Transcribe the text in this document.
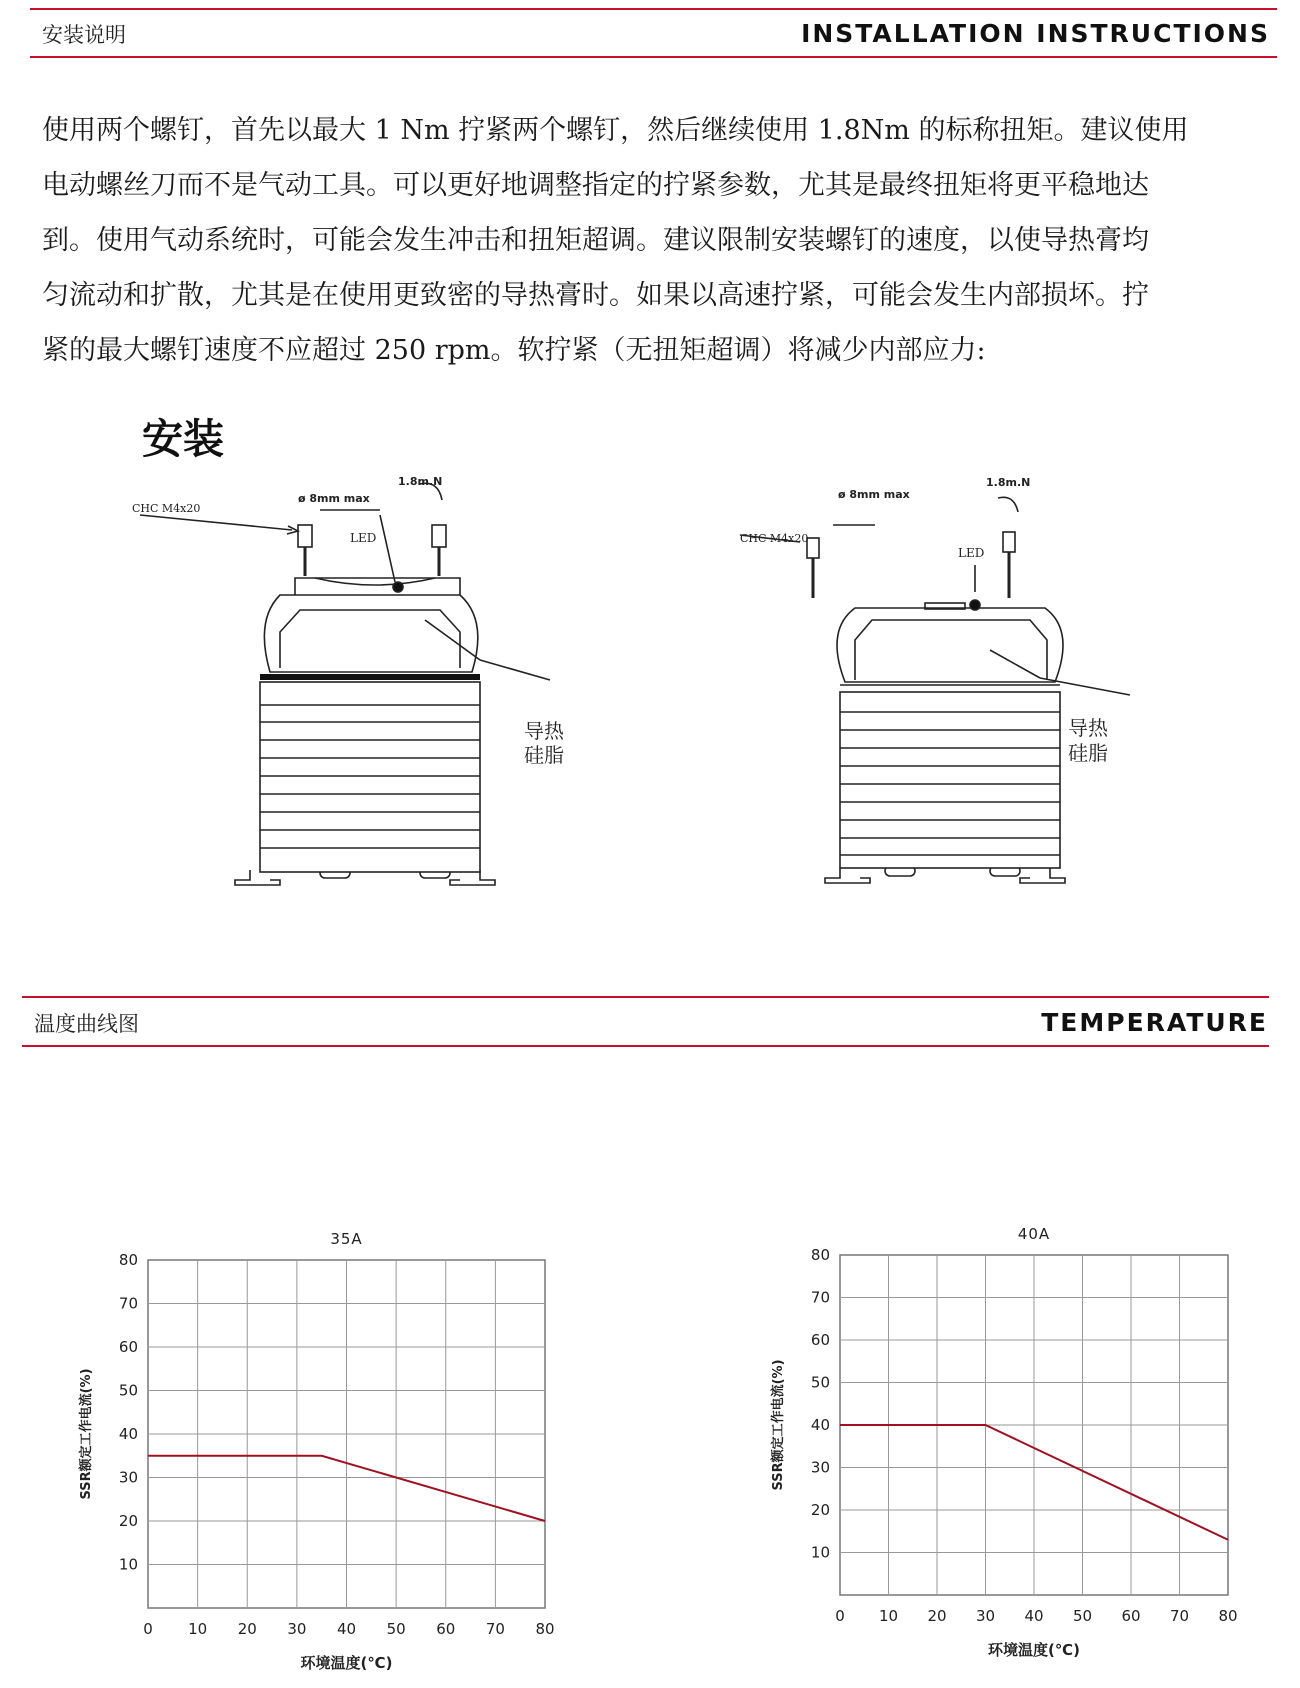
安装说明	INSTALLATION INSTRUCTIONS

使用两个螺钉，首先以最大 1 Nm 拧紧两个螺钉，然后继续使用 1.8Nm 的标称扭矩。建议使用

电动螺丝刀而不是气动工具。可以更好地调整指定的拧紧参数，尤其是最终扭矩将更平稳地达

到。使用气动系统时，可能会发生冲击和扭矩超调。建议限制安装螺钉的速度，以使导热膏均

匀流动和扩散，尤其是在使用更致密的导热膏时。如果以高速拧紧，可能会发生内部损坏。拧

紧的最大螺钉速度不应超过 250 rpm。软拧紧（无扭矩超调）将减少内部应力:

安装
CHC M4x20
ø 8mm max
1.8m.N
LED
导热
硅脂
CHC M4x20
ø 8mm max
1.8m.N
LED
导热
硅脂
温度曲线图	TEMPERATURE
0 10 20 30 40 50 60 70 80
10
20
30
40
50
60
70
80
35A
环境温度(℃)
SSR额定工作电流(%)
0 10 20 30 40 50 60 70 80
10
20
30
40
50
60
70
80
40A
环境温度(℃)
SSR额定工作电流(%)
